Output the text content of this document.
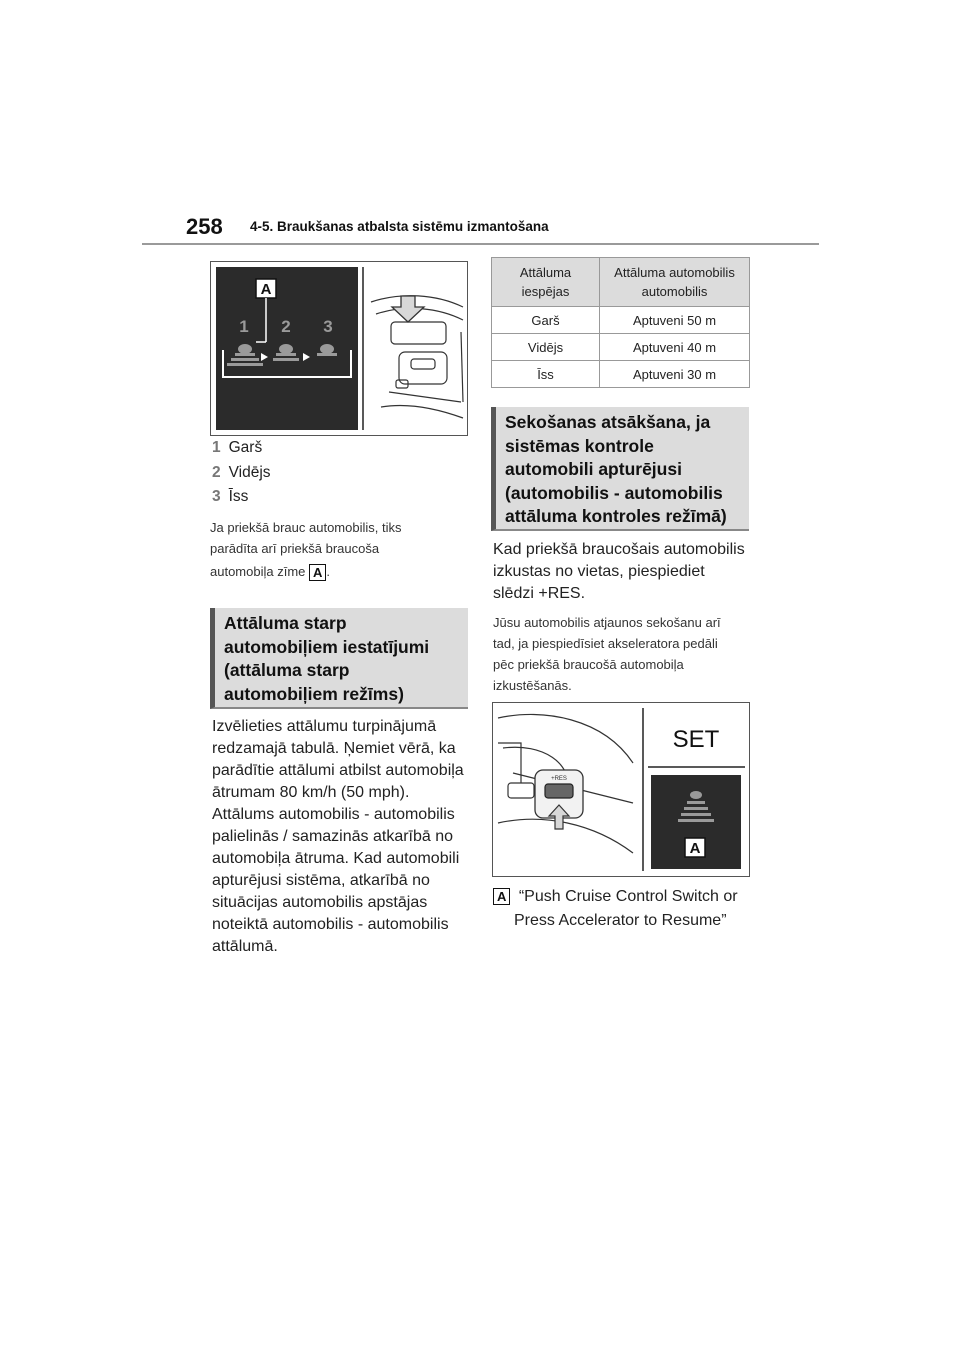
258 4-5. Braukšanas atbalsta sistēmu izmantošana
A
1 2 3
1 Garš
2 Vidējs
3 Īss
Ja priekšā brauc automobilis, tiks
parādīta arī priekšā braucoša
automobiļa zīme A .
Attāluma starp
automobiļiem iestatījumi
(attāluma starp
automobiļiem režīms)
Izvēlieties attālumu turpinājumā
redzamajā tabulā. Ņemiet vērā, ka
parādītie attālumi atbilst automobiļa
ātrumam 80 km/h (50 mph).
Attālums automobilis - automobilis
palielinās / samazinās atkarībā no
automobiļa ātruma. Kad automobili
apturējusi sistēma, atkarībā no
situācijas automobilis apstājas
noteiktā automobilis - automobilis
attālumā.
Attāluma iespējas	Attāluma automobilis automobilis
Garš	Aptuveni 50 m
Vidējs	Aptuveni 40 m
Īss	Aptuveni 30 m
Sekošanas atsākšana, ja
sistēmas kontrole
automobili apturējusi
(automobilis - automobilis
attāluma kontroles režīmā)
Kad priekšā braucošais automobilis
izkustas no vietas, piespiediet
slēdzi +RES.
Jūsu automobilis atjaunos sekošanu arī
tad, ja piespiedīsiet akseleratora pedāli
pēc priekšā braucošā automobiļa
izkustēšanās.
+RES
SET
A
A “Push Cruise Control Switch or
Press Accelerator to Resume”
